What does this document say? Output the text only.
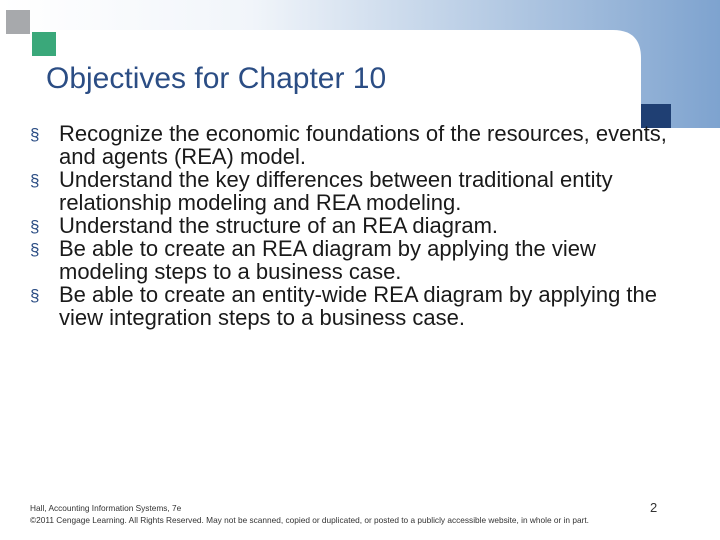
Objectives for Chapter 10
§ Recognize the economic foundations of the resources, events, and agents (REA) model.
§ Understand the key differences between traditional entity relationship modeling and REA modeling.
§ Understand the structure of an REA diagram.
§ Be able to create an REA diagram by applying the view modeling steps to a business case.
§ Be able to create an entity-wide REA diagram by applying the view integration steps to a business case.
Hall, Accounting Information Systems, 7e
©2011 Cengage Learning. All Rights Reserved. May not be scanned, copied or duplicated, or posted to a publicly accessible website, in whole or in part.
2
